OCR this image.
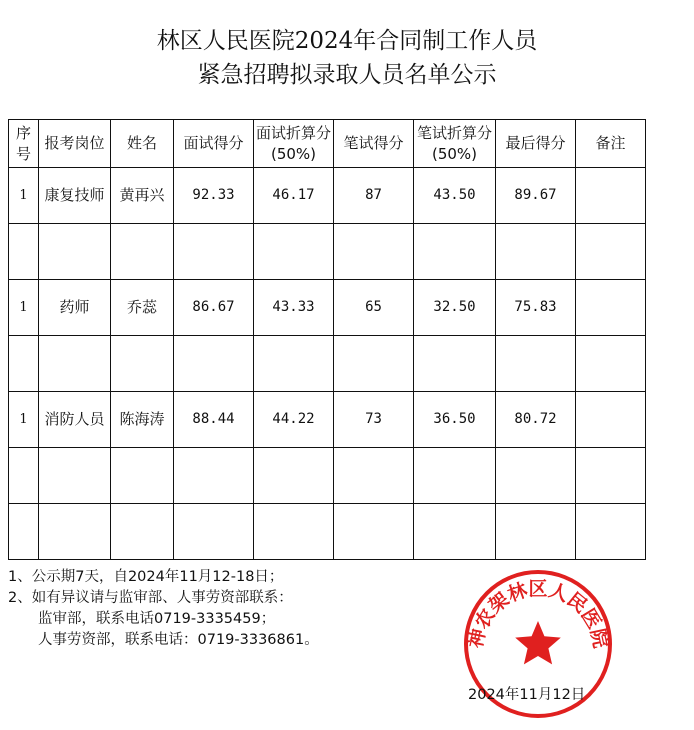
林区人民医院2024年合同制工作人员
紧急招聘拟录取人员名单公示
序号	报考岗位	姓名	面试得分	面试折算分(50%)	笔试得分	笔试折算分(50%)	最后得分	备注
1	康复技师	黄再兴	92.33	46.17	87	43.50	89.67	

1	药师	乔蕊	86.67	43.33	65	32.50	75.83	

1	消防人员	陈海涛	88.44	44.22	73	36.50	80.72	

1、公示期7天，自2024年11月12-18日；
2、如有异议请与监审部、人事劳资部联系：
监审部，联系电话0719-3335459；
人事劳资部，联系电话：0719-3336861。	神农架林区人民医院
2024年11月12日
